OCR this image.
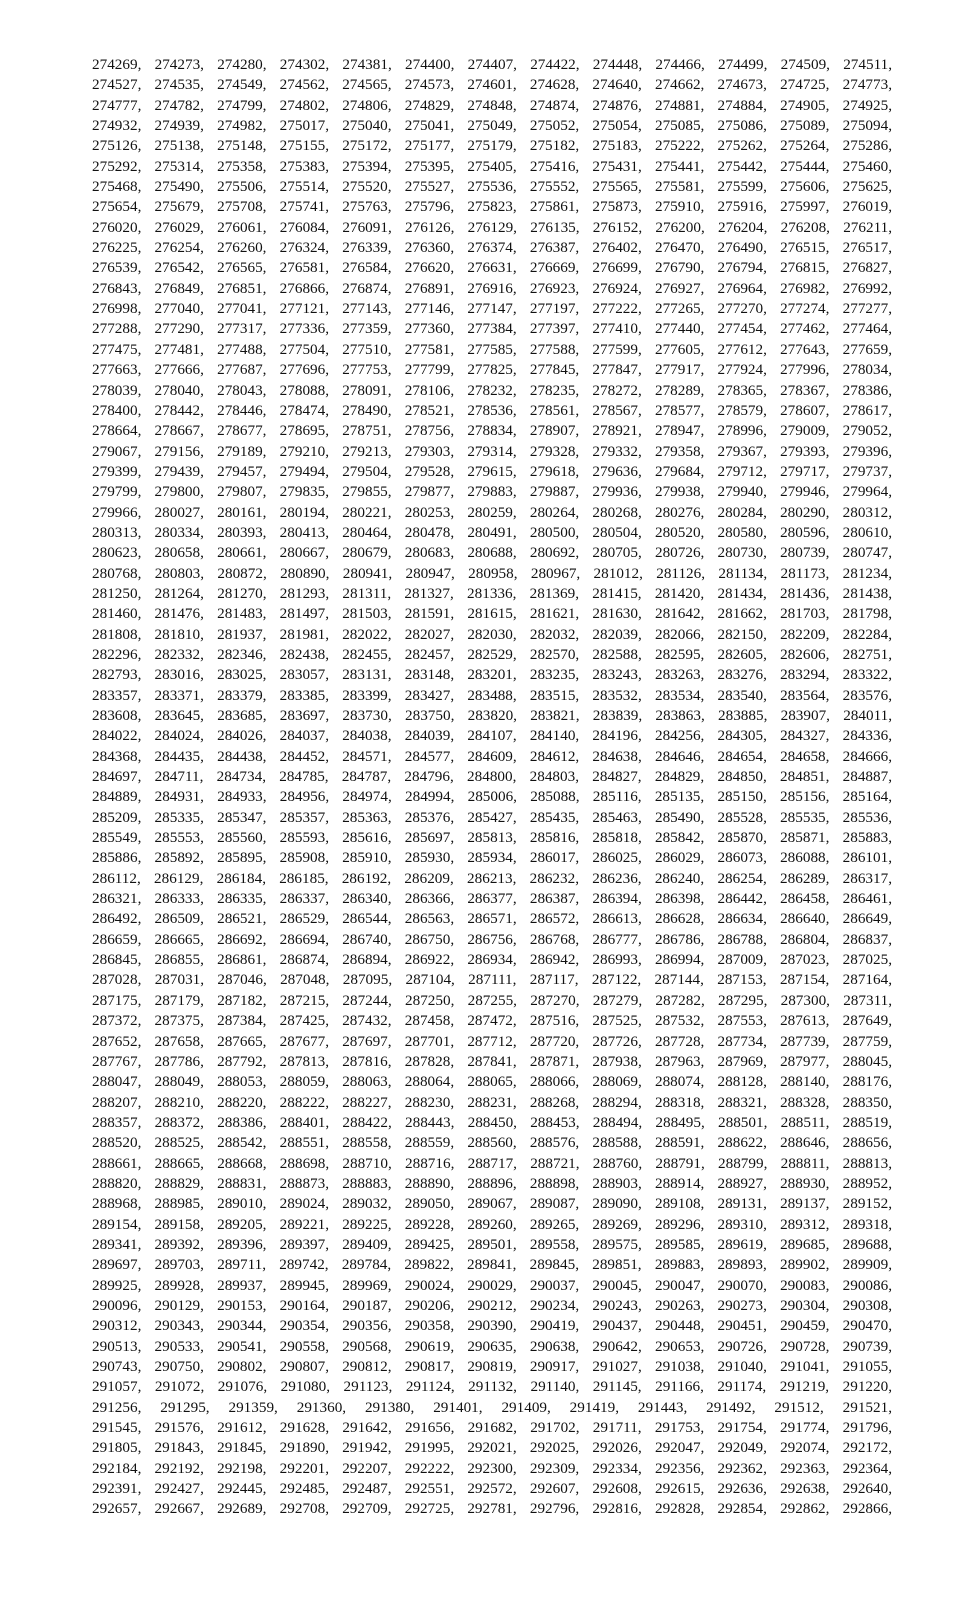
274269, 274273, 274280, 274302, 274381, 274400, 274407, 274422, 274448, 274466, 274499, 274509, 274511,
274527, 274535, 274549, 274562, 274565, 274573, 274601, 274628, 274640, 274662, 274673, 274725, 274773,
274777, 274782, 274799, 274802, 274806, 274829, 274848, 274874, 274876, 274881, 274884, 274905, 274925,
274932, 274939, 274982, 275017, 275040, 275041, 275049, 275052, 275054, 275085, 275086, 275089, 275094,
275126, 275138, 275148, 275155, 275172, 275177, 275179, 275182, 275183, 275222, 275262, 275264, 275286,
275292, 275314, 275358, 275383, 275394, 275395, 275405, 275416, 275431, 275441, 275442, 275444, 275460,
275468, 275490, 275506, 275514, 275520, 275527, 275536, 275552, 275565, 275581, 275599, 275606, 275625,
275654, 275679, 275708, 275741, 275763, 275796, 275823, 275861, 275873, 275910, 275916, 275997, 276019,
276020, 276029, 276061, 276084, 276091, 276126, 276129, 276135, 276152, 276200, 276204, 276208, 276211,
276225, 276254, 276260, 276324, 276339, 276360, 276374, 276387, 276402, 276470, 276490, 276515, 276517,
276539, 276542, 276565, 276581, 276584, 276620, 276631, 276669, 276699, 276790, 276794, 276815, 276827,
276843, 276849, 276851, 276866, 276874, 276891, 276916, 276923, 276924, 276927, 276964, 276982, 276992,
276998, 277040, 277041, 277121, 277143, 277146, 277147, 277197, 277222, 277265, 277270, 277274, 277277,
277288, 277290, 277317, 277336, 277359, 277360, 277384, 277397, 277410, 277440, 277454, 277462, 277464,
277475, 277481, 277488, 277504, 277510, 277581, 277585, 277588, 277599, 277605, 277612, 277643, 277659,
277663, 277666, 277687, 277696, 277753, 277799, 277825, 277845, 277847, 277917, 277924, 277996, 278034,
278039, 278040, 278043, 278088, 278091, 278106, 278232, 278235, 278272, 278289, 278365, 278367, 278386,
278400, 278442, 278446, 278474, 278490, 278521, 278536, 278561, 278567, 278577, 278579, 278607, 278617,
278664, 278667, 278677, 278695, 278751, 278756, 278834, 278907, 278921, 278947, 278996, 279009, 279052,
279067, 279156, 279189, 279210, 279213, 279303, 279314, 279328, 279332, 279358, 279367, 279393, 279396,
279399, 279439, 279457, 279494, 279504, 279528, 279615, 279618, 279636, 279684, 279712, 279717, 279737,
279799, 279800, 279807, 279835, 279855, 279877, 279883, 279887, 279936, 279938, 279940, 279946, 279964,
279966, 280027, 280161, 280194, 280221, 280253, 280259, 280264, 280268, 280276, 280284, 280290, 280312,
280313, 280334, 280393, 280413, 280464, 280478, 280491, 280500, 280504, 280520, 280580, 280596, 280610,
280623, 280658, 280661, 280667, 280679, 280683, 280688, 280692, 280705, 280726, 280730, 280739, 280747,
280768, 280803, 280872, 280890, 280941, 280947, 280958, 280967, 281012, 281126, 281134, 281173, 281234,
281250, 281264, 281270, 281293, 281311, 281327, 281336, 281369, 281415, 281420, 281434, 281436, 281438,
281460, 281476, 281483, 281497, 281503, 281591, 281615, 281621, 281630, 281642, 281662, 281703, 281798,
281808, 281810, 281937, 281981, 282022, 282027, 282030, 282032, 282039, 282066, 282150, 282209, 282284,
282296, 282332, 282346, 282438, 282455, 282457, 282529, 282570, 282588, 282595, 282605, 282606, 282751,
282793, 283016, 283025, 283057, 283131, 283148, 283201, 283235, 283243, 283263, 283276, 283294, 283322,
283357, 283371, 283379, 283385, 283399, 283427, 283488, 283515, 283532, 283534, 283540, 283564, 283576,
283608, 283645, 283685, 283697, 283730, 283750, 283820, 283821, 283839, 283863, 283885, 283907, 284011,
284022, 284024, 284026, 284037, 284038, 284039, 284107, 284140, 284196, 284256, 284305, 284327, 284336,
284368, 284435, 284438, 284452, 284571, 284577, 284609, 284612, 284638, 284646, 284654, 284658, 284666,
284697, 284711, 284734, 284785, 284787, 284796, 284800, 284803, 284827, 284829, 284850, 284851, 284887,
284889, 284931, 284933, 284956, 284974, 284994, 285006, 285088, 285116, 285135, 285150, 285156, 285164,
285209, 285335, 285347, 285357, 285363, 285376, 285427, 285435, 285463, 285490, 285528, 285535, 285536,
285549, 285553, 285560, 285593, 285616, 285697, 285813, 285816, 285818, 285842, 285870, 285871, 285883,
285886, 285892, 285895, 285908, 285910, 285930, 285934, 286017, 286025, 286029, 286073, 286088, 286101,
286112, 286129, 286184, 286185, 286192, 286209, 286213, 286232, 286236, 286240, 286254, 286289, 286317,
286321, 286333, 286335, 286337, 286340, 286366, 286377, 286387, 286394, 286398, 286442, 286458, 286461,
286492, 286509, 286521, 286529, 286544, 286563, 286571, 286572, 286613, 286628, 286634, 286640, 286649,
286659, 286665, 286692, 286694, 286740, 286750, 286756, 286768, 286777, 286786, 286788, 286804, 286837,
286845, 286855, 286861, 286874, 286894, 286922, 286934, 286942, 286993, 286994, 287009, 287023, 287025,
287028, 287031, 287046, 287048, 287095, 287104, 287111, 287117, 287122, 287144, 287153, 287154, 287164,
287175, 287179, 287182, 287215, 287244, 287250, 287255, 287270, 287279, 287282, 287295, 287300, 287311,
287372, 287375, 287384, 287425, 287432, 287458, 287472, 287516, 287525, 287532, 287553, 287613, 287649,
287652, 287658, 287665, 287677, 287697, 287701, 287712, 287720, 287726, 287728, 287734, 287739, 287759,
287767, 287786, 287792, 287813, 287816, 287828, 287841, 287871, 287938, 287963, 287969, 287977, 288045,
288047, 288049, 288053, 288059, 288063, 288064, 288065, 288066, 288069, 288074, 288128, 288140, 288176,
288207, 288210, 288220, 288222, 288227, 288230, 288231, 288268, 288294, 288318, 288321, 288328, 288350,
288357, 288372, 288386, 288401, 288422, 288443, 288450, 288453, 288494, 288495, 288501, 288511, 288519,
288520, 288525, 288542, 288551, 288558, 288559, 288560, 288576, 288588, 288591, 288622, 288646, 288656,
288661, 288665, 288668, 288698, 288710, 288716, 288717, 288721, 288760, 288791, 288799, 288811, 288813,
288820, 288829, 288831, 288873, 288883, 288890, 288896, 288898, 288903, 288914, 288927, 288930, 288952,
288968, 288985, 289010, 289024, 289032, 289050, 289067, 289087, 289090, 289108, 289131, 289137, 289152,
289154, 289158, 289205, 289221, 289225, 289228, 289260, 289265, 289269, 289296, 289310, 289312, 289318,
289341, 289392, 289396, 289397, 289409, 289425, 289501, 289558, 289575, 289585, 289619, 289685, 289688,
289697, 289703, 289711, 289742, 289784, 289822, 289841, 289845, 289851, 289883, 289893, 289902, 289909,
289925, 289928, 289937, 289945, 289969, 290024, 290029, 290037, 290045, 290047, 290070, 290083, 290086,
290096, 290129, 290153, 290164, 290187, 290206, 290212, 290234, 290243, 290263, 290273, 290304, 290308,
290312, 290343, 290344, 290354, 290356, 290358, 290390, 290419, 290437, 290448, 290451, 290459, 290470,
290513, 290533, 290541, 290558, 290568, 290619, 290635, 290638, 290642, 290653, 290726, 290728, 290739,
290743, 290750, 290802, 290807, 290812, 290817, 290819, 290917, 291027, 291038, 291040, 291041, 291055,
291057, 291072, 291076, 291080, 291123, 291124, 291132, 291140, 291145, 291166, 291174, 291219, 291220,
291256, 291295, 291359, 291360, 291380, 291401, 291409, 291419, 291443, 291492, 291512, 291521,
291545, 291576, 291612, 291628, 291642, 291656, 291682, 291702, 291711, 291753, 291754, 291774, 291796,
291805, 291843, 291845, 291890, 291942, 291995, 292021, 292025, 292026, 292047, 292049, 292074, 292172,
292184, 292192, 292198, 292201, 292207, 292222, 292300, 292309, 292334, 292356, 292362, 292363, 292364,
292391, 292427, 292445, 292485, 292487, 292551, 292572, 292607, 292608, 292615, 292636, 292638, 292640,
292657, 292667, 292689, 292708, 292709, 292725, 292781, 292796, 292816, 292828, 292854, 292862, 292866,
